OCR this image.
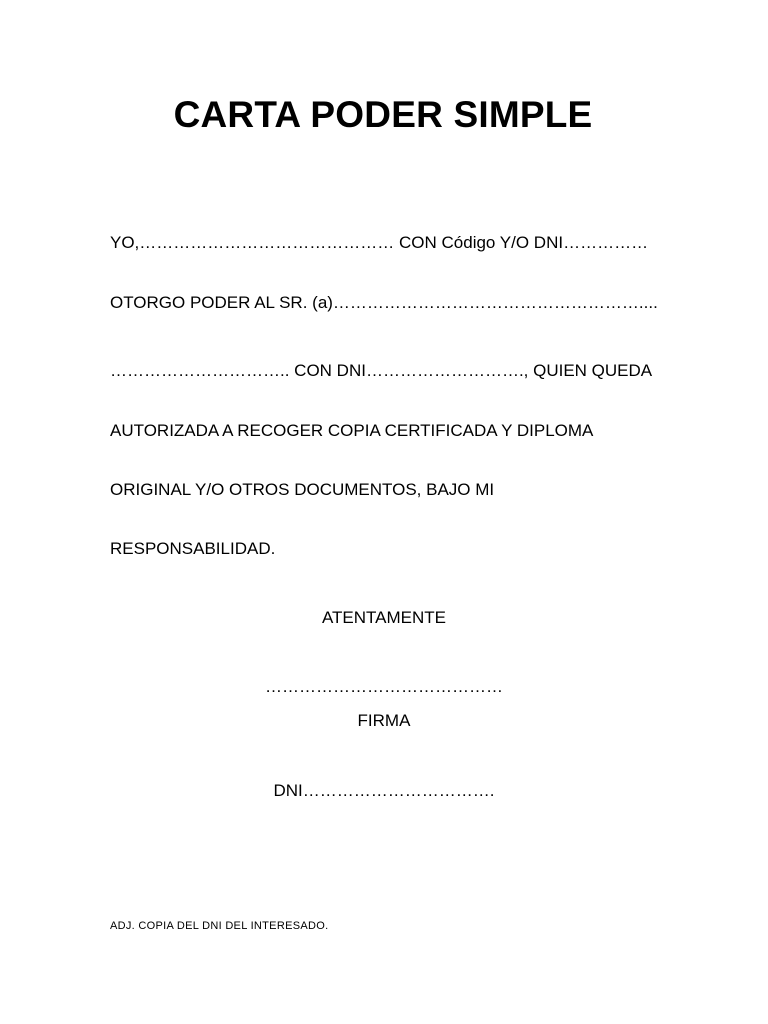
CARTA PODER SIMPLE
YO,……………………………………… CON Código Y/O DNI……………
OTORGO PODER AL SR. (a)………………………………………………....
………………………….. CON DNI………………………., QUIEN QUEDA
AUTORIZADA A RECOGER COPIA CERTIFICADA Y DIPLOMA
ORIGINAL Y/O OTROS DOCUMENTOS, BAJO MI
RESPONSABILIDAD.
ATENTAMENTE
……………………………………
FIRMA
DNI…………………………….
ADJ. COPIA DEL DNI DEL INTERESADO.
